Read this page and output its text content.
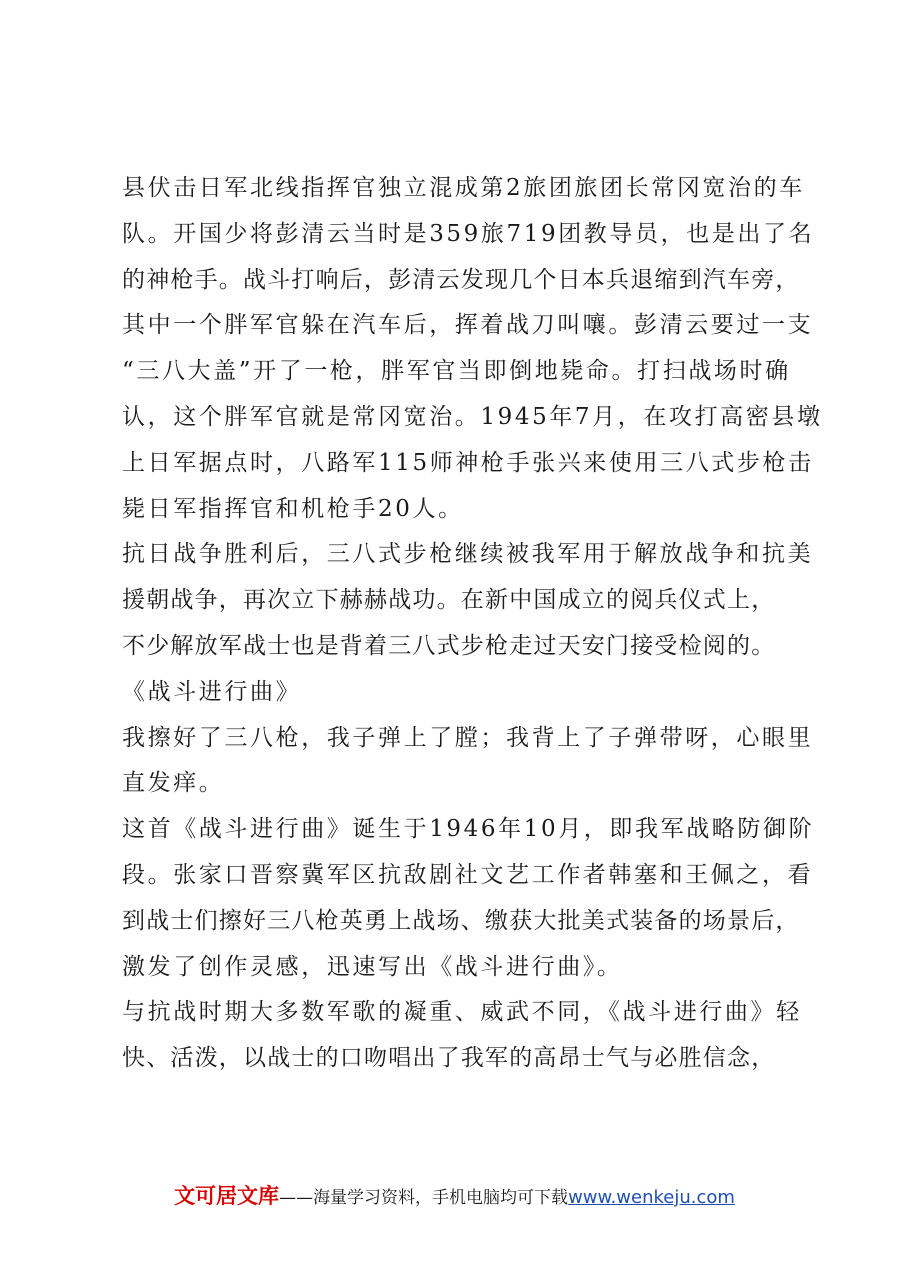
县伏击日军北线指挥官独立混成第2旅团旅团长常冈宽治的车
队。开国少将彭清云当时是359旅719团教导员，也是出了名
的神枪手。战斗打响后，彭清云发现几个日本兵退缩到汽车旁，
其中一个胖军官躲在汽车后，挥着战刀叫嚷。彭清云要过一支
“三八大盖”开了一枪，胖军官当即倒地毙命。打扫战场时确
认，这个胖军官就是常冈宽治。1945年7月，在攻打高密县墩
上日军据点时，八路军115师神枪手张兴来使用三八式步枪击
毙日军指挥官和机枪手20人。
抗日战争胜利后，三八式步枪继续被我军用于解放战争和抗美
援朝战争，再次立下赫赫战功。在新中国成立的阅兵仪式上，
不少解放军战士也是背着三八式步枪走过天安门接受检阅的。
《战斗进行曲》
我擦好了三八枪，我子弹上了膛；我背上了子弹带呀，心眼里
直发痒。
这首《战斗进行曲》诞生于1946年10月，即我军战略防御阶
段。张家口晋察冀军区抗敌剧社文艺工作者韩塞和王佩之，看
到战士们擦好三八枪英勇上战场、缴获大批美式装备的场景后，
激发了创作灵感，迅速写出《战斗进行曲》。
与抗战时期大多数军歌的凝重、威武不同，《战斗进行曲》轻
快、活泼，以战士的口吻唱出了我军的高昂士气与必胜信念，
文可居文库——海量学习资料，手机电脑均可下载www.wenkeju.com
